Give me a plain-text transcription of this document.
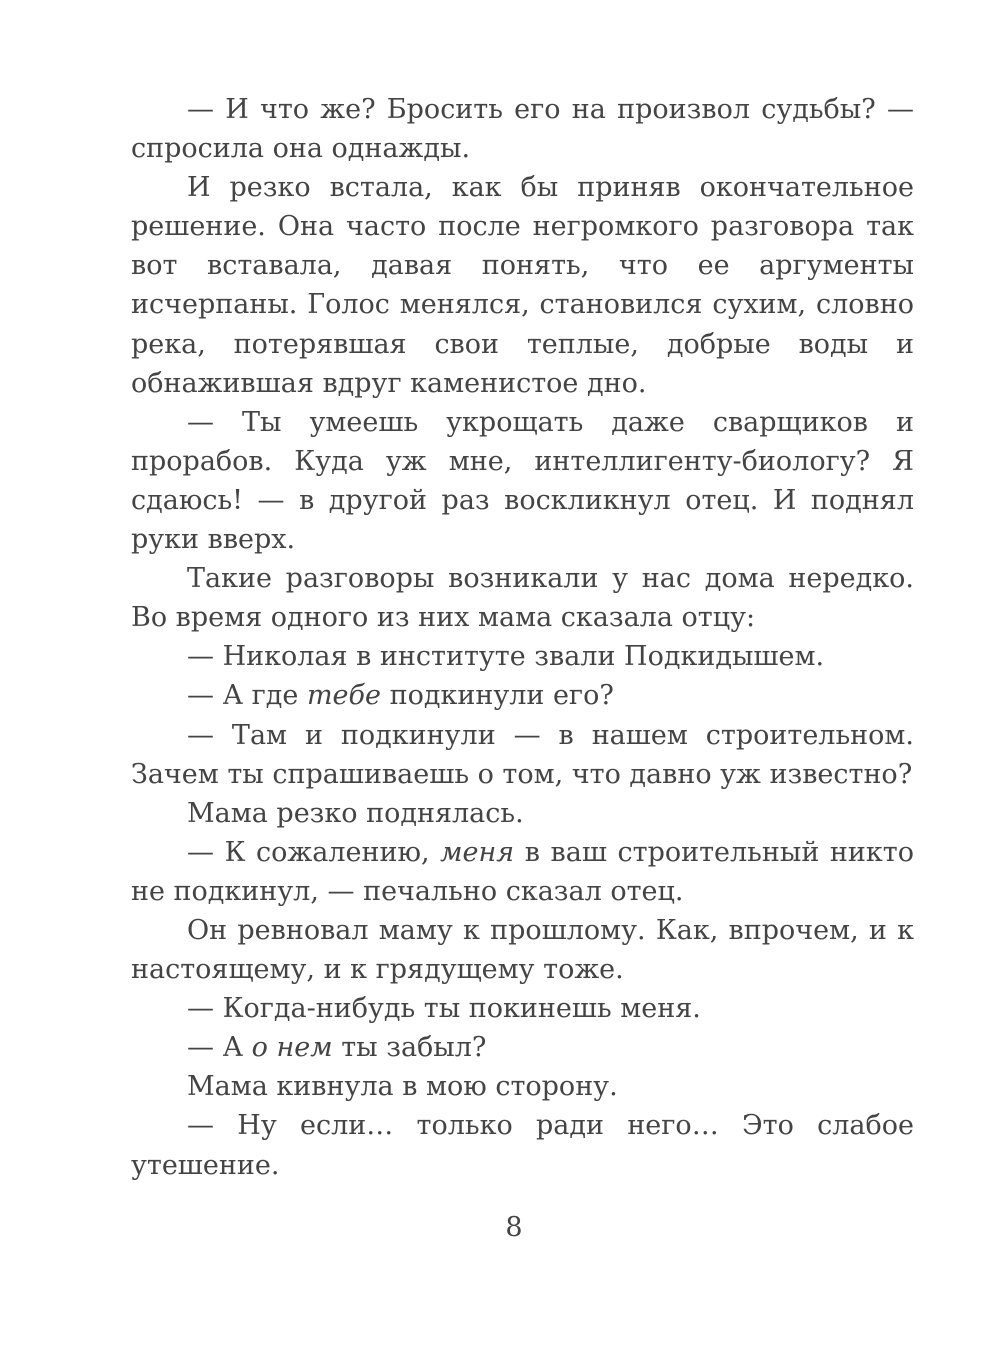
— И что же? Бросить его на произвол судьбы? — спросила она однажды.

И резко встала, как бы приняв окончательное решение. Она часто после негромкого разговора так вот вставала, давая понять, что ее аргументы исчерпаны. Голос менялся, становился сухим, словно река, потерявшая свои теплые, добрые воды и обнажившая вдруг каменистое дно.

— Ты умеешь укрощать даже сварщиков и прорабов. Куда уж мне, интеллигенту-биологу? Я сдаюсь! — в другой раз воскликнул отец. И поднял руки вверх.

Такие разговоры возникали у нас дома нередко. Во время одного из них мама сказала отцу:

— Николая в институте звали Подкидышем.

— А где тебе подкинули его?

— Там и подкинули — в нашем строительном. Зачем ты спрашиваешь о том, что давно уж известно?

Мама резко поднялась.

— К сожалению, меня в ваш строительный никто не подкинул, — печально сказал отец.

Он ревновал маму к прошлому. Как, впрочем, и к настоящему, и к грядущему тоже.

— Когда-нибудь ты покинешь меня.

— А о нем ты забыл?

Мама кивнула в мою сторону.

— Ну если… только ради него… Это слабое утешение.

8
